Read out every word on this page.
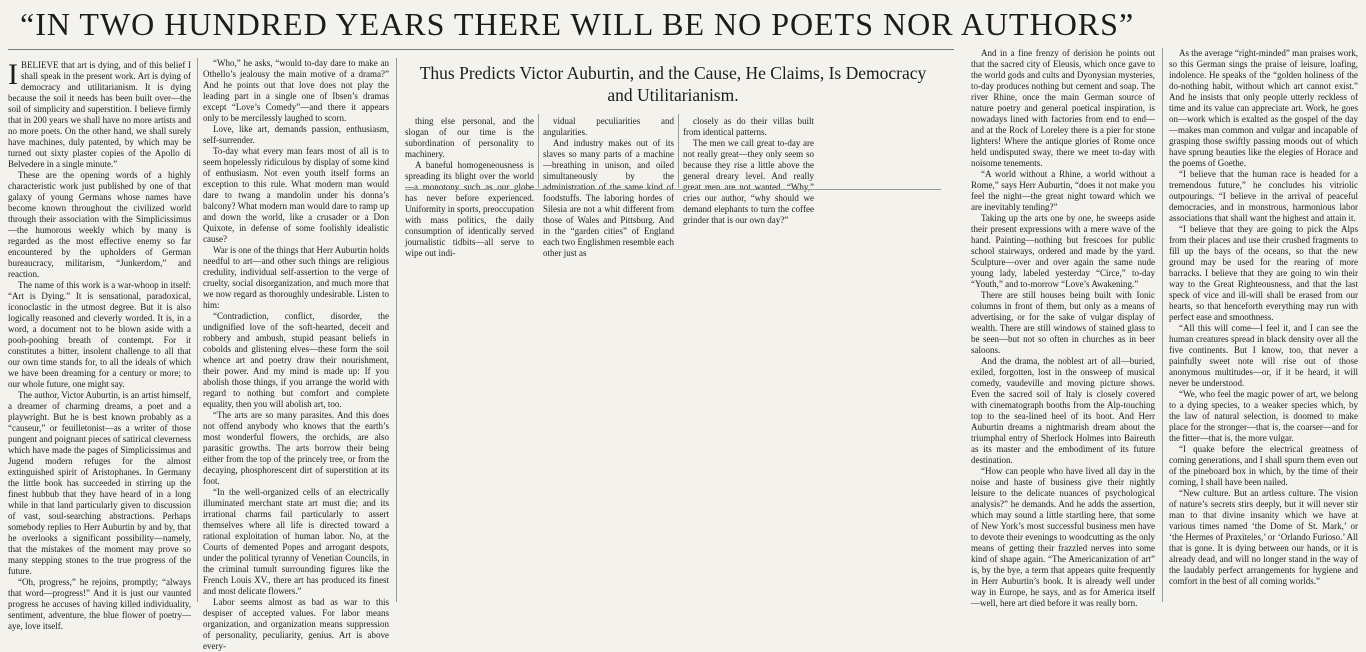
“IN TWO HUNDRED YEARS THERE WILL BE NO POETS NOR AUTHORS”
I BELIEVE that art is dying, and of this belief I shall speak in the present work. Art is dying of democracy and utilitarianism. It is dying because the soil it needs has been built over—the soil of simplicity and superstition. I believe firmly that in 200 years we shall have no more artists and no more poets. On the other hand, we shall surely have machines, duly patented, by which may be turned out sixty plaster copies of the Apollo di Belvedere in a single minute.”

These are the opening words of a highly characteristic work just published by one of that galaxy of young Germans whose names have become known throughout the civilized world through their association with the Simplicissimus—the humorous weekly which by many is regarded as the most effective enemy so far encountered by the upholders of German bureaucracy, militarism, “Junkerdom,” and reaction.

The name of this work is a war-whoop in itself: “Art is Dying.” It is sensational, paradoxical, iconoclastic in the utmost degree. But it is also logically reasoned and cleverly worded. It is, in a word, a document not to be blown aside with a pooh-poohing breath of contempt. For it constitutes a bitter, insolent challenge to all that our own time stands for, to all the ideals of which we have been dreaming for a century or more; to our whole future, one might say.

The author, Victor Auburtin, is an artist himself, a dreamer of charming dreams, a poet and a playwright. But he is best known probably as a “causeur,” or feuilletonist—as a writer of those pungent and poignant pieces of satirical cleverness which have made the pages of Simplicissimus and Jugend modern refuges for the almost extinguished spirit of Aristophanes. In Germany the little book has succeeded in stirring up the finest hubbub that they have heard of in a long while in that land particularly given to discussion of vast, soul-searching abstractions. Perhaps somebody replies to Herr Auburtin by and by, that he overlooks a significant possibility—namely, that the mistakes of the moment may prove so many stepping stones to the true progress of the future.

“Oh, progress,” he rejoins, promptly; “always that word—progress!” And it is just our vaunted progress he accuses of having killed individuality, sentiment, adventure, the blue flower of poetry—aye, love itself.

“Who,” he asks, “would to-day dare to make an Othello’s jealousy the main motive of a drama?” And he points out that love does not play the leading part in a single one of Ibsen’s dramas except “Love’s Comedy”—and there it appears only to be mercilessly laughed to scorn.

Love, like art, demands passion, enthusiasm, self-surrender.

To-day what every man fears most of all is to seem hopelessly ridiculous by display of some kind of enthusiasm. Not even youth itself forms an exception to this rule. What modern man would dare to twang a mandolin under his donna’s balcony? What modern man would dare to ramp up and down the world, like a crusader or a Don Quixote, in defense of some foolishly idealistic cause?

War is one of the things that Herr Auburtin holds needful to art—and other such things are religious credulity, individual self-assertion to the verge of cruelty, social disorganization, and much more that we now regard as thoroughly undesirable. Listen to him:

“Contradiction, conflict, disorder, the undignified love of the soft-hearted, deceit and robbery and ambush, stupid peasant beliefs in cobolds and glistening elves—these form the soil whence art and poetry draw their nourishment, their power. And my mind is made up: If you abolish those things, if you arrange the world with regard to nothing but comfort and complete equality, then you will abolish art, too.

“The arts are so many parasites. And this does not offend anybody who knows that the earth’s most wonderful flowers, the orchids, are also parasitic growths. The arts borrow their being either from the top of the princely tree, or from the decaying, phosphorescent dirt of superstition at its foot.

“In the well-organized cells of an electrically illuminated merchant state art must die; and its irrational charms fail particularly to assert themselves where all life is directed toward a rational exploitation of human labor. No, at the Courts of demented Popes and arrogant despots, under the political tyranny of Venetian Councils, in the criminal tumult surrounding figures like the French Louis XV., there art has produced its finest and most delicate flowers.”

Labor seems almost as bad as war to this despiser of accepted values. For labor means organization, and organization means suppression of personality, peculiarity, genius. Art is above every-

Thus Predicts Victor Auburtin, and the Cause, He Claims, Is Democracy and Utilitarianism.

thing else personal, and the slogan of our time is the subordination of personality to machinery.

A baneful homogeneousness is spreading its blight over the world—a monotony such as our globe has never before experienced. Uniformity in sports, preoccupation with mass politics, the daily consumption of identically served journalistic tidbits—all serve to wipe out indi-

vidual peculiarities and angularities.

And industry makes out of its slaves so many parts of a machine—breathing in unison, and oiled simultaneously by the administration of the same kind of foodstuffs. The laboring hordes of Silesia are not a whit different from those of Wales and Pittsburg. And in the “garden cities” of England each two Englishmen resemble each other just as

closely as do their villas built from identical patterns.

The men we call great to-day are not really great—they only seem so because they rise a little above the general dreary level. And really great men are not wanted. “Why,” cries our author, “why should we demand elephants to turn the coffee grinder that is our own day?”

And in a fine frenzy of derision he points out that the sacred city of Eleusis, which once gave to the world gods and cults and Dyonysian mysteries, to-day produces nothing but cement and soap. The river Rhine, once the main German source of nature poetry and general poetical inspiration, is nowadays lined with factories from end to end—and at the Rock of Loreley there is a pier for stone lighters! Where the antique glories of Rome once held undisputed sway, there we meet to-day with noisome tenements.

“A world without a Rhine, a world without a Rome,” says Herr Auburtin, “does it not make you feel the night—the great night toward which we are inevitably tending?”

Taking up the arts one by one, he sweeps aside their present expressions with a mere wave of the hand. Painting—nothing but frescoes for public school stairways, ordered and made by the yard. Sculpture—over and over again the same nude young lady, labeled yesterday “Circe,” to-day “Youth,” and to-morrow “Love’s Awakening.”

There are still houses being built with Ionic columns in front of them, but only as a means of advertising, or for the sake of vulgar display of wealth. There are still windows of stained glass to be seen—but not so often in churches as in beer saloons.

And the drama, the noblest art of all—buried, exiled, forgotten, lost in the onsweep of musical comedy, vaudeville and moving picture shows. Even the sacred soil of Italy is closely covered with cinematograph booths from the Alp-touching top to the sea-lined heel of its boot. And Herr Auburtin dreams a nightmarish dream about the triumphal entry of Sherlock Holmes into Baireuth as its master and the embodiment of its future destination.

“How can people who have lived all day in the noise and haste of business give their nightly leisure to the delicate nuances of psychological analysis?” he demands. And he adds the assertion, which may sound a little startling here, that some of New York’s most successful business men have to devote their evenings to woodcutting as the only means of getting their frazzled nerves into some kind of shape again. “The Americanization of art” is, by the bye, a term that appears quite frequently in Herr Auburtin’s book. It is already well under way in Europe, he says, and as for America itself—well, here art died before it was really born.

As the average “right-minded” man praises work, so this German sings the praise of leisure, loafing, indolence. He speaks of the “golden holiness of the do-nothing habit, without which art cannot exist.” And he insists that only people utterly reckless of time and its value can appreciate art. Work, he goes on—work which is exalted as the gospel of the day—makes man common and vulgar and incapable of grasping those swiftly passing moods out of which have sprung beauties like the elegies of Horace and the poems of Goethe.

“I believe that the human race is headed for a tremendous future,” he concludes his vitriolic outpourings. “I believe in the arrival of peaceful democracies, and in monstrous, harmonious labor associations that shall want the highest and attain it.

“I believe that they are going to pick the Alps from their places and use their crushed fragments to fill up the bays of the oceans, so that the new ground may be used for the rearing of more barracks. I believe that they are going to win their way to the Great Righteousness, and that the last speck of vice and ill-will shall be erased from our hearts, so that henceforth everything may run with perfect ease and smoothness.

“All this will come—I feel it, and I can see the human creatures spread in black density over all the five continents. But I know, too, that never a painfully sweet note will rise out of those anonymous multitudes—or, if it be heard, it will never be understood.

“We, who feel the magic power of art, we belong to a dying species, to a weaker species which, by the law of natural selection, is doomed to make place for the stronger—that is, the coarser—and for the fitter—that is, the more vulgar.

“I quake before the electrical greatness of coming generations, and I shall spurn them even out of the pineboard box in which, by the time of their coming, I shall have been nailed.

“New culture. But an artless culture. The vision of nature’s secrets stirs deeply, but it will never stir man to that divine insanity which we have at various times named ‘the Dome of St. Mark,’ or ‘the Hermes of Praxiteles,’ or ‘Orlando Furioso.’ All that is gone. It is dying between our hands, or it is already dead, and will no longer stand in the way of the laudably perfect arrangements for hygiene and comfort in the best of all coming worlds.”
